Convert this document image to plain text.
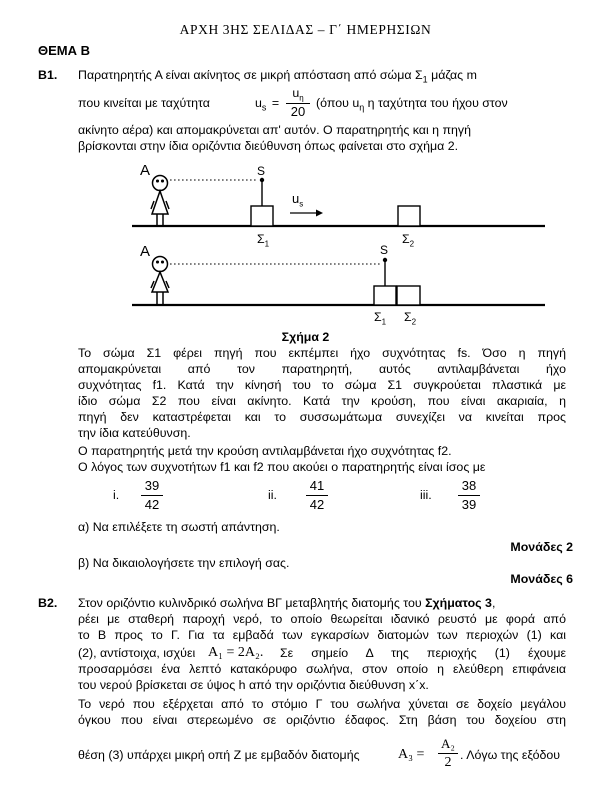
ΑΡΧΗ 3ΗΣ ΣΕΛΙΔΑΣ – Γ΄ ΗΜΕΡΗΣΙΩΝ
ΘΕΜΑ Β
Β1. Παρατηρητής Α είναι ακίνητος σε μικρή απόσταση από σώμα $\Sigma_1$ μάζας m
που κινείται με ταχύτητα	$u_s$ =
$u_\eta$
20
(όπου $u_\eta$ η ταχύτητα του ήχου στον
ακίνητο αέρα) και απομακρύνεται απ' αυτόν. Ο παρατηρητής και η πηγή
βρίσκονται στην ίδια οριζόντια διεύθυνση όπως φαίνεται στο σχήμα 2.
Α	S
$u_s$
$\Sigma_1$	$\Sigma_2$
Α	S
$\Sigma_1$ $\Sigma_2$
Σχήμα 2
Το σώμα Σ1 φέρει πηγή που εκπέμπει ήχο συχνότητας fs. Όσο η πηγή
απομακρύνεται από τον παρατηρητή, αυτός αντιλαμβάνεται ήχο
συχνότητας f1. Κατά την κίνησή του το σώμα Σ1 συγκρούεται πλαστικά με
ίδιο σώμα Σ2 που είναι ακίνητο. Κατά την κρούση, που είναι ακαριαία, η
πηγή δεν καταστρέφεται και το συσσωμάτωμα συνεχίζει να κινείται προς
την ίδια κατεύθυνση.
Ο παρατηρητής μετά την κρούση αντιλαμβάνεται ήχο συχνότητας f2.
Ο λόγος των συχνοτήτων f1 και f2 που ακούει ο παρατηρητής είναι ίσος με
i.
39
42
ii.
41
42
iii.
38
39
α) Να επιλέξετε τη σωστή απάντηση.
Μονάδες 2
β) Να δικαιολογήσετε την επιλογή σας.
Μονάδες 6
Β2. Στον οριζόντιο κυλινδρικό σωλήνα ΒΓ μεταβλητής διατομής του Σχήματος 3,
ρέει με σταθερή παροχή νερό, το οποίο θεωρείται ιδανικό ρευστό με φορά από
το Β προς το Γ. Για τα εμβαδά των εγκαρσίων διατομών των περιοχών (1) και
(2), αντίστοιχα, ισχύει A₁ = 2A₂. Σε σημείο Δ της περιοχής (1) έχουμε
προσαρμόσει ένα λεπτό κατακόρυφο σωλήνα, στον οποίο η ελεύθερη επιφάνεια
του νερού βρίσκεται σε ύψος h από την οριζόντια διεύθυνση x΄x.
Το νερό που εξέρχεται από το στόμιο Γ του σωλήνα χύνεται σε δοχείο μεγάλου
όγκου που είναι στερεωμένο σε οριζόντιο έδαφος. Στη βάση του δοχείου στη
θέση (3) υπάρχει μικρή οπή Ζ με εμβαδόν διατομής	A₃ =
A₂
2 . Λόγω της εξόδου
